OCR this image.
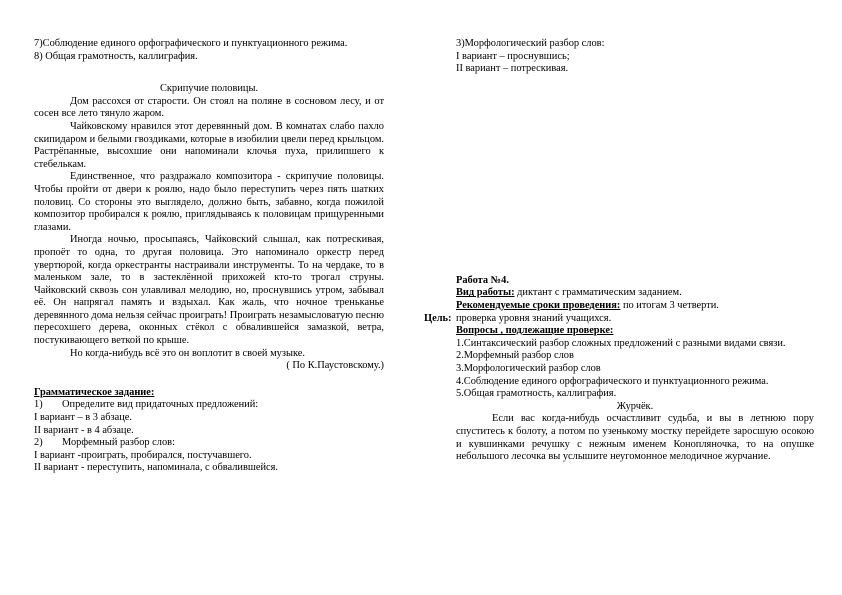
7)Соблюдение единого орфографического и пунктуационного режима.

8) Общая грамотность, каллиграфия.

Скрипучие половицы.

Дом рассохся от старости. Он стоял на поляне в сосновом лесу, и от сосен все лето тянуло жаром.

Чайковскому нравился этот деревянный дом. В комнатах слабо пахло скипидаром и белыми гвоздиками, которые в изобилии цвели перед крыльцом. Растрёпанные, высохшие они напоминали клочья пуха, прилипшего к стебелькам.

Единственное, что раздражало композитора - скрипучие половицы. Чтобы пройти от двери к роялю, надо было переступить через пять шатких половиц. Со стороны это выглядело, должно быть, забавно, когда пожилой композитор пробирался к роялю, приглядываясь к половицам прищуренными глазами.

Иногда ночью, просыпаясь, Чайковский слышал, как потрескивая, пропоёт то одна, то другая половица. Это напоминало оркестр перед увертюрой, когда оркестранты настраивали инструменты. То на чердаке, то в маленьком зале, то в застеклённой прихожей кто-то трогал струны. Чайковский сквозь сон улавливал мелодию, но, проснувшись утром, забывал её. Он напрягал память и вздыхал. Как жаль, что ночное треньканье деревянного дома нельзя сейчас проиграть! Проиграть незамысловатую песню пересохшего дерева, оконных стёкол с обвалившейся замазкой, ветра, постукивающего веткой по крыше.

Но когда-нибудь всё это он воплотит в своей музыке.

( По К.Паустовскому.)

Грамматическое задание:

1)	Определите вид придаточных предложений:

I вариант – в 3 абзаце.

II вариант - в 4 абзаце.

2)	Морфемный разбор слов:

I вариант -проиграть, пробирался, постучавшего.

II вариант - переступить, напоминала, с обвалившейся.

3)Морфологический разбор слов:

I вариант – проснувшись;

II вариант – потрескивая.

Работа №4.

Вид работы: диктант с грамматическим заданием.

Рекомендуемые сроки проведения: по итогам 3 четверти.

Цель: проверка уровня знаний учащихся.

Вопросы , подлежащие проверке:

1.Синтаксический разбор сложных предложений с разными видами связи.

2.Морфемный разбор слов

3.Морфологический разбор слов

4.Соблюдение единого орфографического и пунктуационного режима.

5.Общая грамотность, каллиграфия.

Журчёк.

Если вас когда-нибудь осчастливит судьба, и вы в летнюю пору спуститесь к болоту, а потом по узенькому мостку перейдете заросшую осокою и кувшинками речушку с нежным именем Конопляночка, то на опушке небольшого лесочка вы услышите неугомонное мелодичное журчание.
